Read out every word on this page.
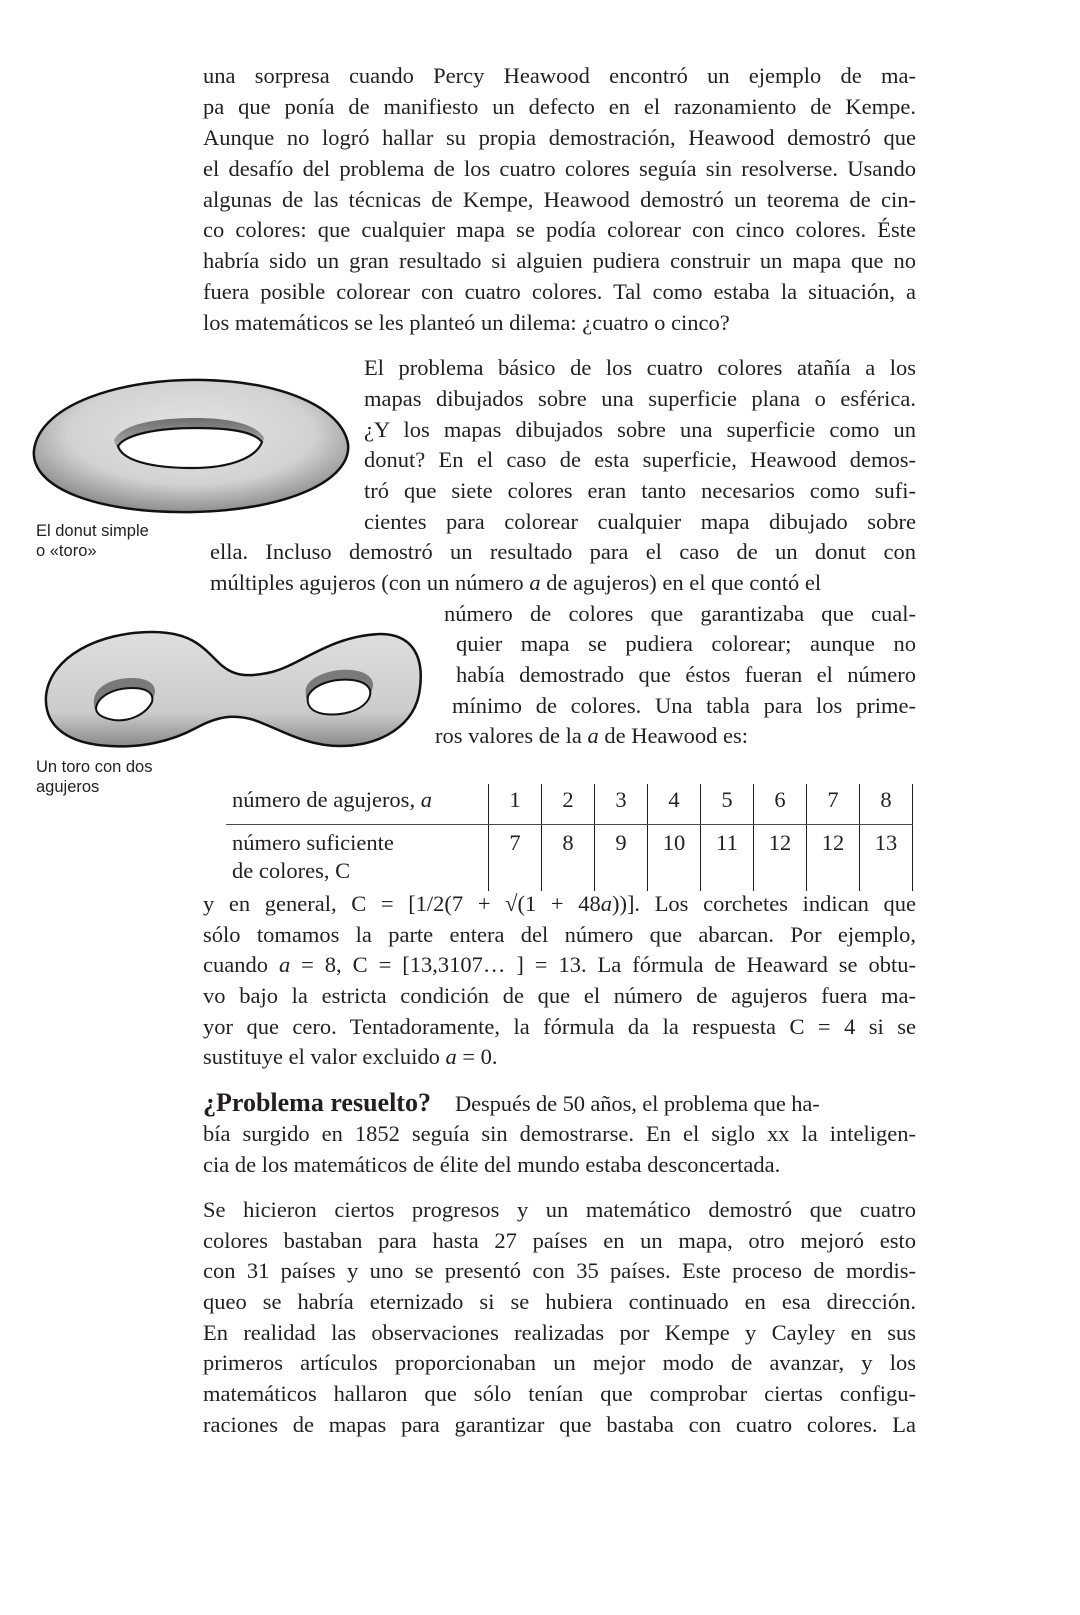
una sorpresa cuando Percy Heawood encontró un ejemplo de ma-
pa que ponía de manifiesto un defecto en el razonamiento de Kempe.
Aunque no logró hallar su propia demostración, Heawood demostró que
el desafío del problema de los cuatro colores seguía sin resolverse. Usando
algunas de las técnicas de Kempe, Heawood demostró un teorema de cin-
co colores: que cualquier mapa se podía colorear con cinco colores. Éste
habría sido un gran resultado si alguien pudiera construir un mapa que no
fuera posible colorear con cuatro colores. Tal como estaba la situación, a
los matemáticos se les planteó un dilema: ¿cuatro o cinco?
El donut simple
o «toro»
El problema básico de los cuatro colores atañía a los
mapas dibujados sobre una superficie plana o esférica.
¿Y los mapas dibujados sobre una superficie como un
donut? En el caso de esta superficie, Heawood demos-
tró que siete colores eran tanto necesarios como sufi-
cientes para colorear cualquier mapa dibujado sobre
ella. Incluso demostró un resultado para el caso de un donut con
múltiples agujeros (con un número a de agujeros) en el que contó el
número de colores que garantizaba que cual-
quier mapa se pudiera colorear; aunque no
había demostrado que éstos fueran el número
mínimo de colores. Una tabla para los prime-
ros valores de la a de Heawood es:
Un toro con dos
agujeros	número de agujeros, a	1	2	3	4	5	6	7	8

número suficiente
de colores, C	7	8	9	10	11	12	12	13
y en general, C = [1/2(7 + √(1 + 48a))]. Los corchetes indican que
sólo tomamos la parte entera del número que abarcan. Por ejemplo,
cuando a = 8, C = [13,3107… ] = 13. La fórmula de Heaward se obtu-
vo bajo la estricta condición de que el número de agujeros fuera ma-
yor que cero. Tentadoramente, la fórmula da la respuesta C = 4 si se
sustituye el valor excluido a = 0.
¿Problema resuelto? Después de 50 años, el problema que ha-
bía surgido en 1852 seguía sin demostrarse. En el siglo xx la inteligen-
cia de los matemáticos de élite del mundo estaba desconcertada.
Se hicieron ciertos progresos y un matemático demostró que cuatro
colores bastaban para hasta 27 países en un mapa, otro mejoró esto
con 31 países y uno se presentó con 35 países. Este proceso de mordis-
queo se habría eternizado si se hubiera continuado en esa dirección.
En realidad las observaciones realizadas por Kempe y Cayley en sus
primeros artículos proporcionaban un mejor modo de avanzar, y los
matemáticos hallaron que sólo tenían que comprobar ciertas configu-
raciones de mapas para garantizar que bastaba con cuatro colores. La
